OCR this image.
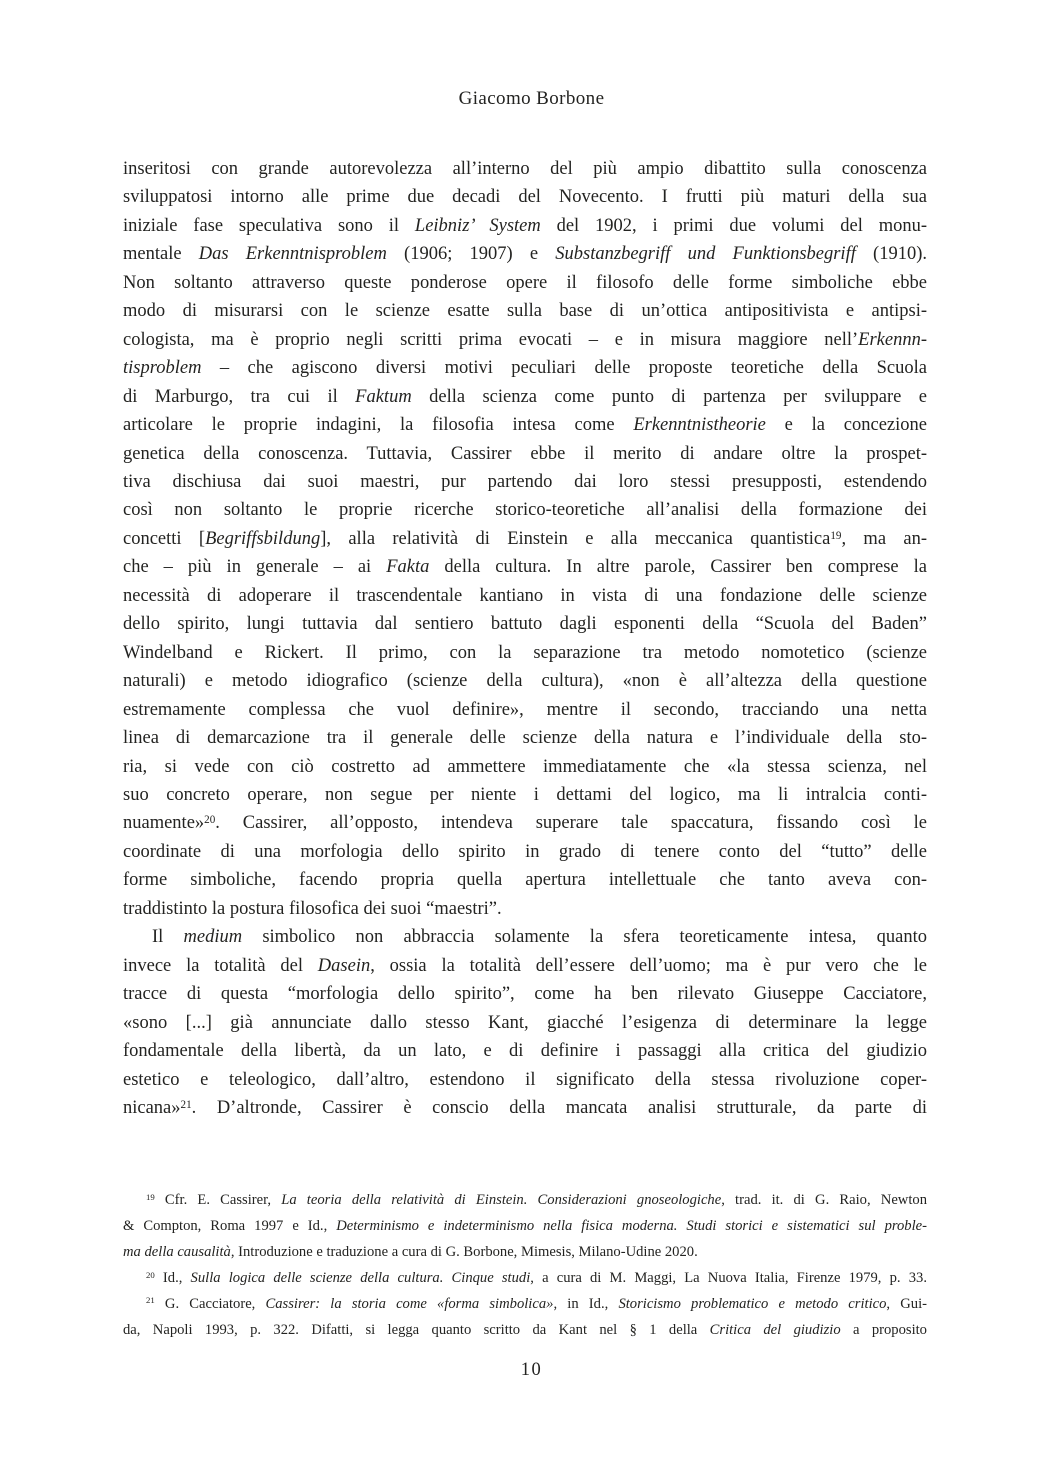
Giacomo Borbone
inseritosi con grande autorevolezza all’interno del più ampio dibattito sulla conoscenza
sviluppatosi intorno alle prime due decadi del Novecento. I frutti più maturi della sua
iniziale fase speculativa sono il Leibniz’ System del 1902, i primi due volumi del monu-
mentale Das Erkenntnisproblem (1906; 1907) e Substanzbegriff und Funktionsbegriff (1910).
Non soltanto attraverso queste ponderose opere il filosofo delle forme simboliche ebbe
modo di misurarsi con le scienze esatte sulla base di un’ottica antipositivista e antipsi-
cologista, ma è proprio negli scritti prima evocati – e in misura maggiore nell’Erkennn-
tisproblem – che agiscono diversi motivi peculiari delle proposte teoretiche della Scuola
di Marburgo, tra cui il Faktum della scienza come punto di partenza per sviluppare e
articolare le proprie indagini, la filosofia intesa come Erkenntnistheorie e la concezione
genetica della conoscenza. Tuttavia, Cassirer ebbe il merito di andare oltre la prospet-
tiva dischiusa dai suoi maestri, pur partendo dai loro stessi presupposti, estendendo
così non soltanto le proprie ricerche storico-teoretiche all’analisi della formazione dei
concetti [Begriffsbildung], alla relatività di Einstein e alla meccanica quantistica$^{19}$, ma an-
che – più in generale – ai Fakta della cultura. In altre parole, Cassirer ben comprese la
necessità di adoperare il trascendentale kantiano in vista di una fondazione delle scienze
dello spirito, lungi tuttavia dal sentiero battuto dagli esponenti della “Scuola del Baden”
Windelband e Rickert. Il primo, con la separazione tra metodo nomotetico (scienze
naturali) e metodo idiografico (scienze della cultura), «non è all’altezza della questione
estremamente complessa che vuol definire», mentre il secondo, tracciando una netta
linea di demarcazione tra il generale delle scienze della natura e l’individuale della sto-
ria, si vede con ciò costretto ad ammettere immediatamente che «la stessa scienza, nel
suo concreto operare, non segue per niente i dettami del logico, ma li intralcia conti-
nuamente»$^{20}$. Cassirer, all’opposto, intendeva superare tale spaccatura, fissando così le
coordinate di una morfologia dello spirito in grado di tenere conto del “tutto” delle
forme simboliche, facendo propria quella apertura intellettuale che tanto aveva con-
traddistinto la postura filosofica dei suoi “maestri”.
Il medium simbolico non abbraccia solamente la sfera teoreticamente intesa, quanto
invece la totalità del Dasein, ossia la totalità dell’essere dell’uomo; ma è pur vero che le
tracce di questa “morfologia dello spirito”, come ha ben rilevato Giuseppe Cacciatore,
«sono [...] già annunciate dallo stesso Kant, giacché l’esigenza di determinare la legge
fondamentale della libertà, da un lato, e di definire i passaggi alla critica del giudizio
estetico e teleologico, dall’altro, estendono il significato della stessa rivoluzione coper-
nicana»$^{21}$. D’altronde, Cassirer è conscio della mancata analisi strutturale, da parte di
$^{19}$ Cfr. E. Cassirer, La teoria della relatività di Einstein. Considerazioni gnoseologiche, trad. it. di G. Raio, Newton
& Compton, Roma 1997 e Id., Determinismo e indeterminismo nella fisica moderna. Studi storici e sistematici sul proble-
ma della causalità, Introduzione e traduzione a cura di G. Borbone, Mimesis, Milano-Udine 2020.
$^{20}$ Id., Sulla logica delle scienze della cultura. Cinque studi, a cura di M. Maggi, La Nuova Italia, Firenze 1979, p. 33.
$^{21}$ G. Cacciatore, Cassirer: la storia come «forma simbolica», in Id., Storicismo problematico e metodo critico, Gui-
da, Napoli 1993, p. 322. Difatti, si legga quanto scritto da Kant nel § 1 della Critica del giudizio a proposito
10
